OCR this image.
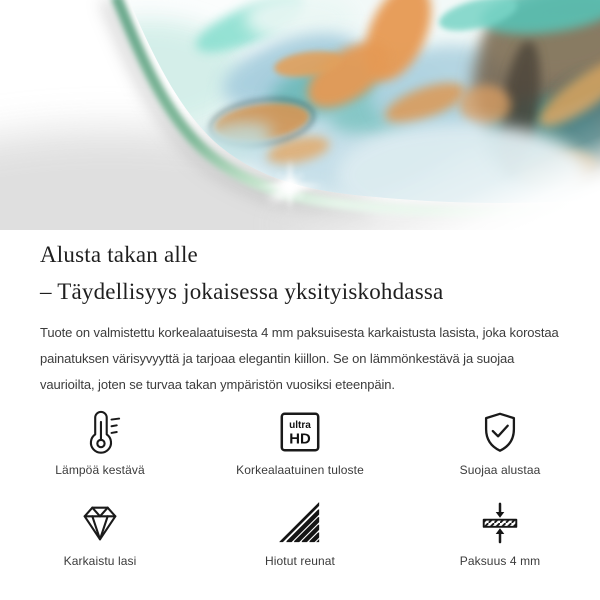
Alusta takan alle
– Täydellisyys jokaisessa yksityiskohdassa

Tuote on valmistettu korkealaatuisesta 4 mm paksuisesta karkaistusta lasista, joka korostaa painatuksen värisyvyyttä ja tarjoaa elegantin kiillon. Se on lämmönkestävä ja suojaa vaurioilta, joten se turvaa takan ympäristön vuosiksi eteenpäin.

Lämpöä kestävä
ultra
HD
Korkealaatuinen tuloste	Suojaa alustaa
Karkaistu lasi	Hiotut reunat	Paksuus 4 mm
